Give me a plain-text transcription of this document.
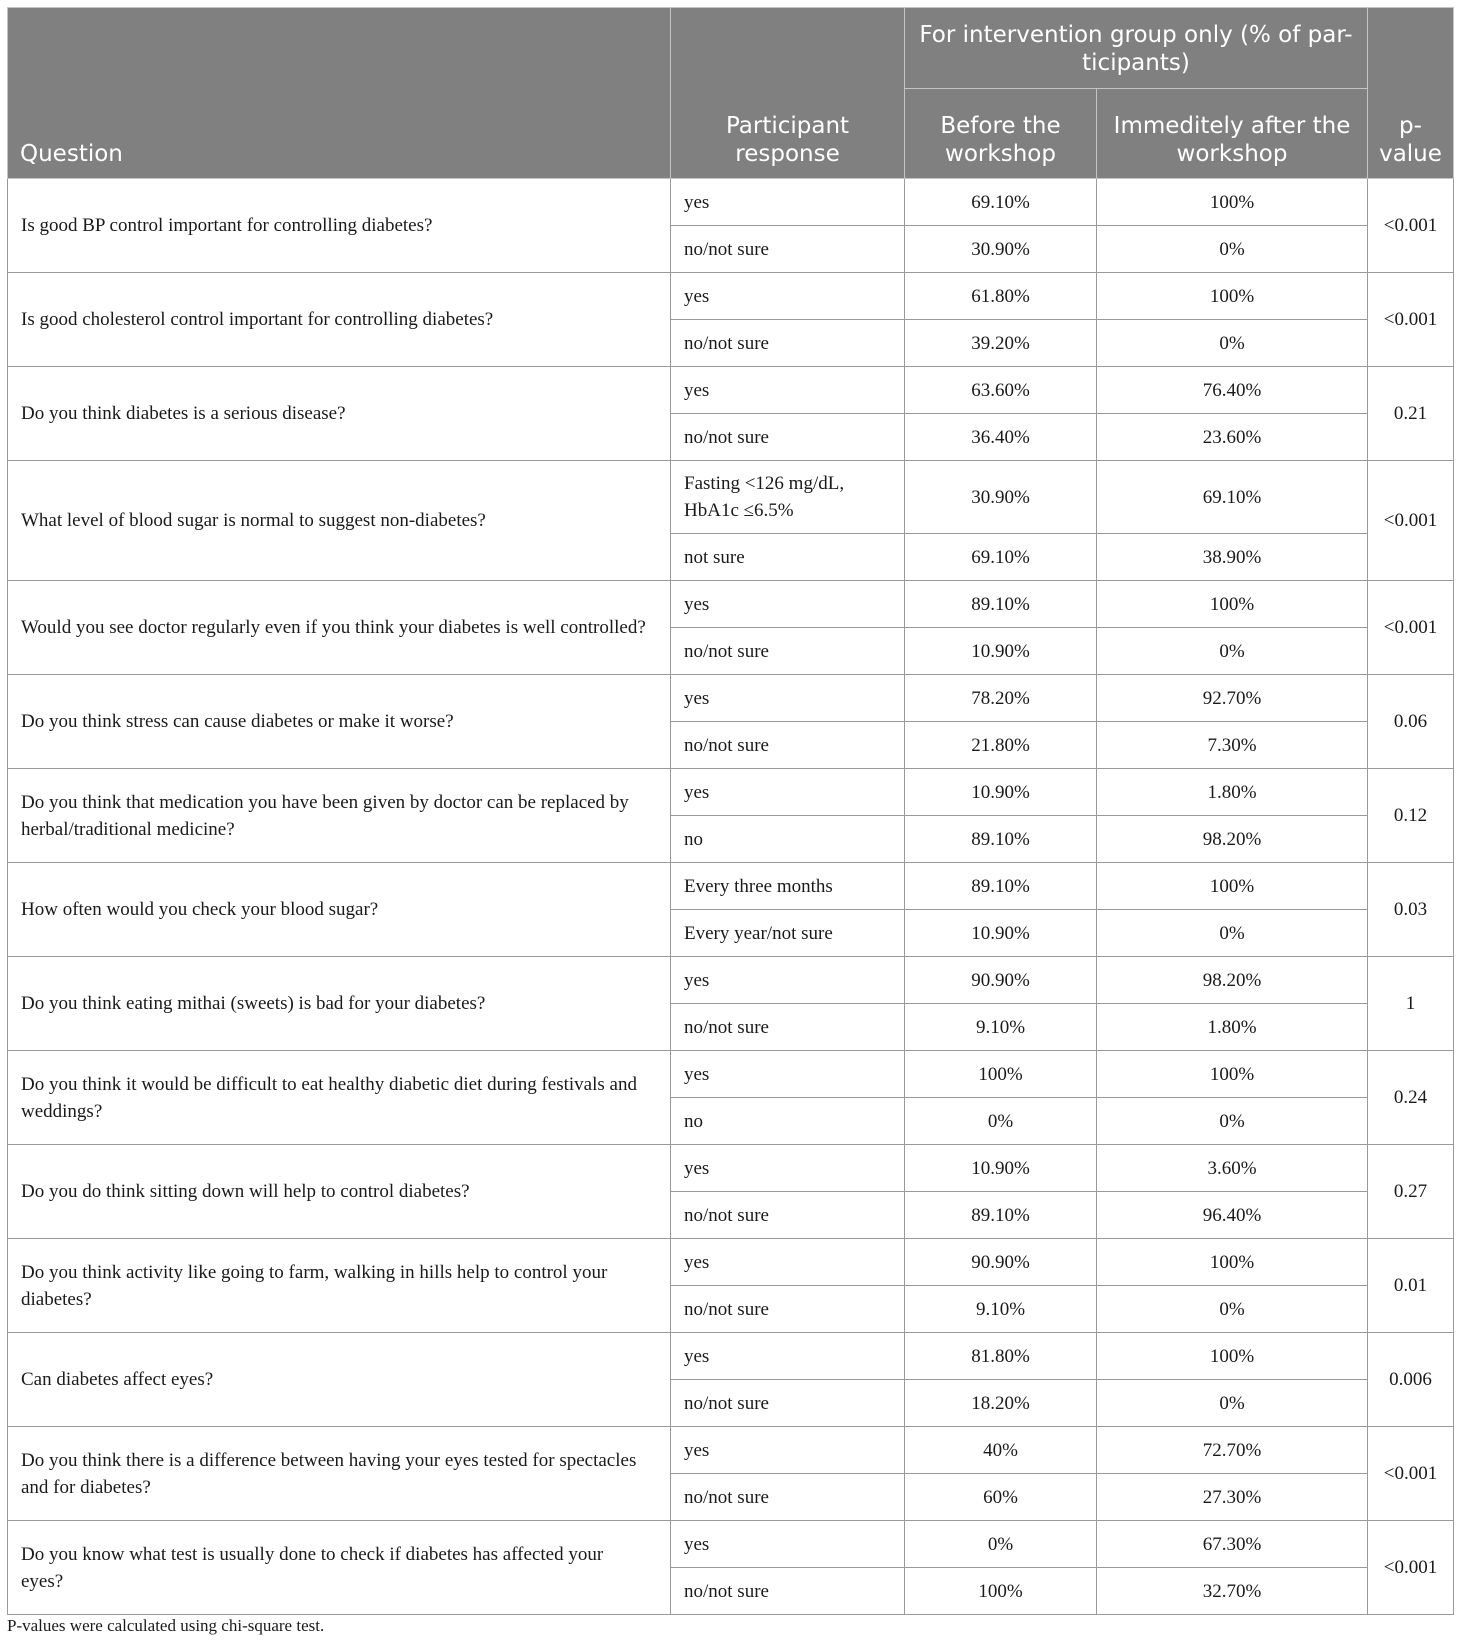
Question	Participant response	For intervention group only (% of par-ticipants)		p- value
		Before the workshop	Immeditely after the workshop	
Is good BP control important for controlling diabetes?	yes	69.10%	100%	<0.001
	no/not sure	30.90%	0%	
Is good cholesterol control important for controlling diabetes?	yes	61.80%	100%	<0.001
	no/not sure	39.20%	0%	
Do you think diabetes is a serious disease?	yes	63.60%	76.40%	0.21
	no/not sure	36.40%	23.60%	
What level of blood sugar is normal to suggest non-diabetes?	Fasting <126 mg/dL, HbA1c ≤6.5%	30.90%	69.10%	<0.001
	not sure	69.10%	38.90%	
Would you see doctor regularly even if you think your diabetes is well controlled?	yes	89.10%	100%	<0.001
	no/not sure	10.90%	0%	
Do you think stress can cause diabetes or make it worse?	yes	78.20%	92.70%	0.06
	no/not sure	21.80%	7.30%	
Do you think that medication you have been given by doctor can be replaced by herbal/traditional medicine?	yes	10.90%	1.80%	0.12
	no	89.10%	98.20%	
How often would you check your blood sugar?	Every three months	89.10%	100%	0.03
	Every year/not sure	10.90%	0%	
Do you think eating mithai (sweets) is bad for your diabetes?	yes	90.90%	98.20%	1
	no/not sure	9.10%	1.80%	
Do you think it would be difficult to eat healthy diabetic diet during festivals and weddings?	yes	100%	100%	0.24
	no	0%	0%	
Do you do think sitting down will help to control diabetes?	yes	10.90%	3.60%	0.27
	no/not sure	89.10%	96.40%	
Do you think activity like going to farm, walking in hills help to control your diabetes?	yes	90.90%	100%	0.01
	no/not sure	9.10%	0%	
Can diabetes affect eyes?	yes	81.80%	100%	0.006
	no/not sure	18.20%	0%	
Do you think there is a difference between having your eyes tested for spectacles and for diabetes?	yes	40%	72.70%	<0.001
	no/not sure	60%	27.30%	
Do you know what test is usually done to check if diabetes has affected your eyes?	yes	0%	67.30%	<0.001
	no/not sure	100%	32.70%	
P-values were calculated using chi-square test.
